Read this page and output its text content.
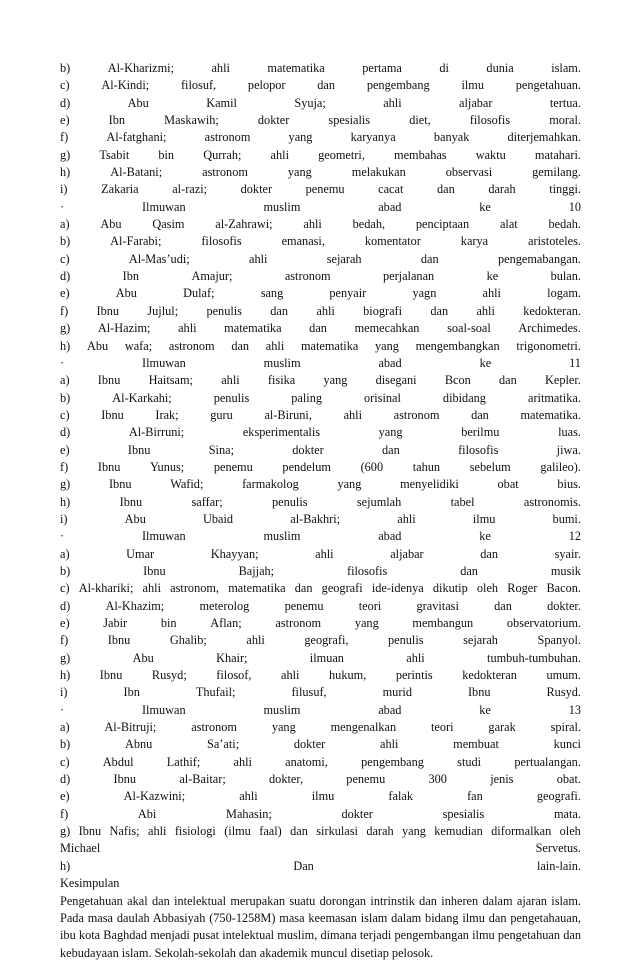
b)	Al-Kharizmi;	ahli	matematika	pertama	di	dunia	islam.
c)	Al-Kindi;	filosuf,	pelopor	dan	pengembang	ilmu	pengetahuan.
d)	Abu	Kamil	Syuja;	ahli	aljabar	tertua.
e)	Ibn	Maskawih;	dokter	spesialis	diet,	filosofis	moral.
f)	Al-fatghani;	astronom	yang	karyanya	banyak	diterjemahkan.
g) Tsabit bin Qurrah; ahli geometri, membahas waktu matahari.
h)	Al-Batani;	astronom	yang	melakukan	observasi	gemilang.
i)	Zakaria	al-razi;	dokter	penemu	cacat	dan	darah	tinggi.
·	Ilmuwan	muslim	abad	ke	10
a)	Abu	Qasim	al-Zahrawi;	ahli	bedah,	penciptaan	alat	bedah.
b)	Al-Farabi;	filosofis	emanasi,	komentator	karya	aristoteles.
c)	Al-Mas’udi;	ahli	sejarah	dan	pengemabangan.
d)	Ibn	Amajur;	astronom	perjalanan	ke	bulan.
e)	Abu	Dulaf;	sang	penyair	yagn	ahli	logam.
f) Ibnu Jujlul; penulis dan ahli biografi dan ahli kedokteran.
g) Al-Hazim; ahli matematika dan memecahkan soal-soal Archimedes.
h) Abu wafa; astronom dan ahli matematika yang mengembangkan trigonometri.
·	Ilmuwan	muslim	abad	ke	11
a) Ibnu Haitsam; ahli fisika yang disegani Bcon dan Kepler.
b)	Al-Karkahi;	penulis	paling	orisinal	dibidang	aritmatika.
c)	Ibnu	Irak;	guru	al-Biruni,	ahli	astronom	dan	matematika.
d)	Al-Birruni;	eksperimentalis	yang	berilmu	luas.
e)	Ibnu	Sina;	dokter	dan	filosofis	jiwa.
f) Ibnu Yunus; penemu pendelum (600 tahun sebelum galileo).
g)	Ibnu	Wafid;	farmakolog	yang	menyelidiki	obat	bius.
h)	Ibnu	saffar;	penulis	sejumlah	tabel	astronomis.
i)	Abu	Ubaid	al-Bakhri;	ahli	ilmu	bumi.
·	Ilmuwan	muslim	abad	ke	12
a)	Umar	Khayyan;	ahli	aljabar	dan	syair.
b)	Ibnu	Bajjah;	filosofis	dan	musik
c) Al-khariki; ahli astronom, matematika dan geografi ide-idenya dikutip oleh Roger Bacon.
d)	Al-Khazim;	meterolog	penemu	teori	gravitasi	dan	dokter.
e)	Jabir	bin	Aflan;	astronom	yang	membangun	observatorium.
f)	Ibnu	Ghalib;	ahli	geografi,	penulis	sejarah	Spanyol.
g)	Abu	Khair;	ilmuan	ahli	tumbuh-tumbuhan.
h) Ibnu Rusyd; filosof, ahli hukum, perintis kedokteran umum.
i)	Ibn	Thufail;	filusuf,	murid	Ibnu	Rusyd.
·	Ilmuwan	muslim	abad	ke	13
a)	Al-Bitruji;	astronom	yang	mengenalkan	teori	garak	spiral.
b)	Abnu	Sa’ati;	dokter	ahli	membuat	kunci
c)	Abdul	Lathif;	ahli	anatomi,	pengembang	studi	pertualangan.
d)	Ibnu	al-Baitar;	dokter,	penemu	300	jenis	obat.
e)	Al-Kazwini;	ahli	ilmu	falak	fan	geografi.
f)	Abi	Mahasin;	dokter	spesialis	mata.
g) Ibnu Nafis; ahli fisiologi (ilmu faal) dan sirkulasi darah yang kemudian diformalkan oleh
Michael	Servetus.
h)	Dan	lain-lain.
Kesimpulan

Pengetahuan akal dan intelektual merupakan suatu dorongan intrinstik dan inheren dalam ajaran islam. Pada masa daulah Abbasiyah (750-1258M) masa keemasan islam dalam bidang ilmu dan pengetahauan, ibu kota Baghdad menjadi pusat intelektual muslim, dimana terjadi pengembangan ilmu pengetahuan dan kebudayaan islam. Sekolah-sekolah dan akademik muncul disetiap pelosok.
